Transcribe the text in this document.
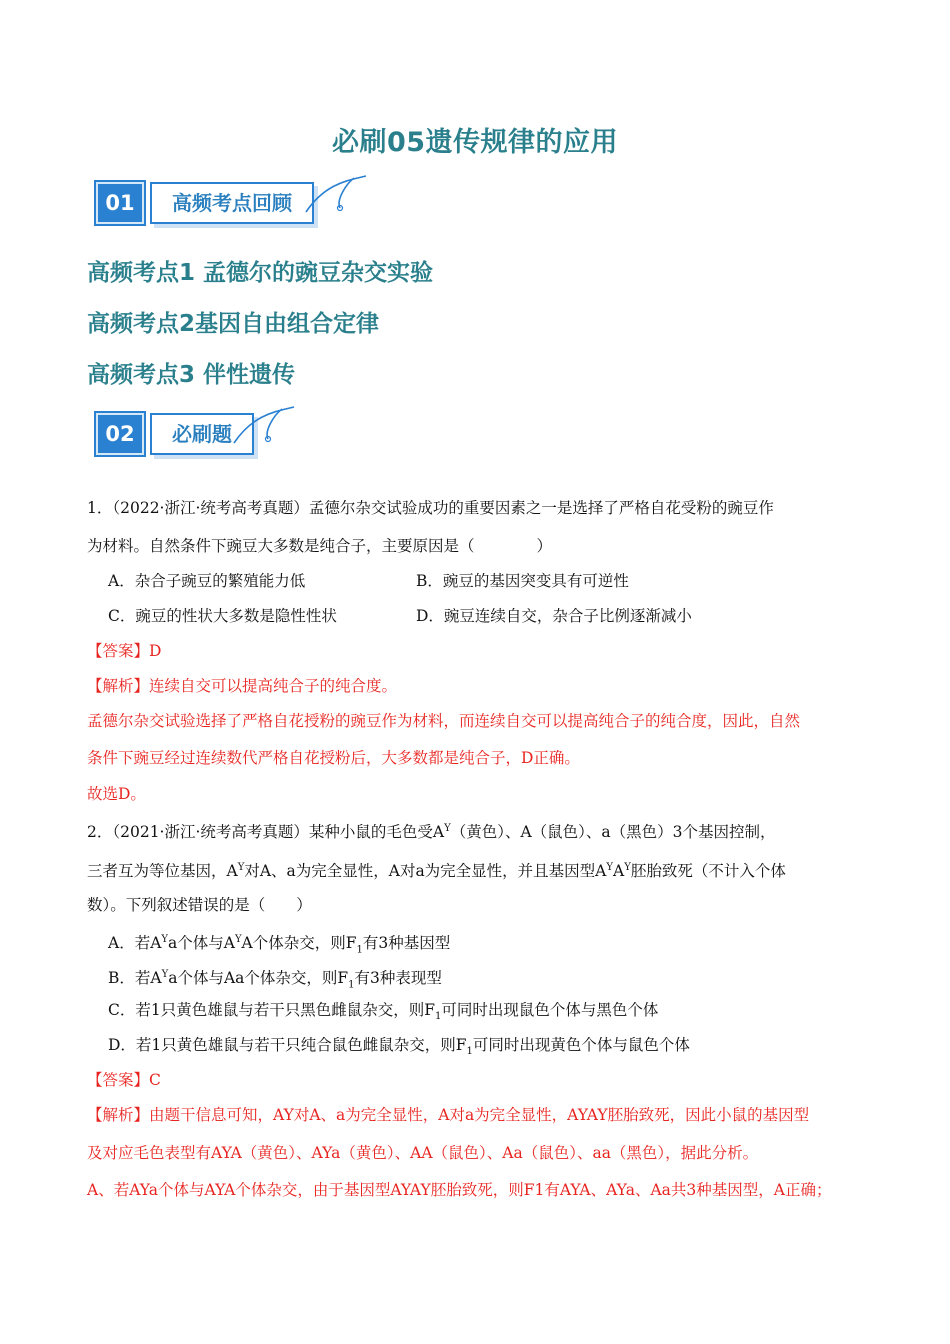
必刷05遗传规律的应用
01	高频考点回顾
高频考点1 孟德尔的豌豆杂交实验
高频考点2基因自由组合定律
高频考点3 伴性遗传
02	必刷题
1．（2022·浙江·统考高考真题）孟德尔杂交试验成功的重要因素之一是选择了严格自花受粉的豌豆作
为材料。自然条件下豌豆大多数是纯合子，主要原因是（　　　　）
A．杂合子豌豆的繁殖能力低	B．豌豆的基因突变具有可逆性
C．豌豆的性状大多数是隐性性状	D．豌豆连续自交，杂合子比例逐渐减小
【答案】D
【解析】连续自交可以提高纯合子的纯合度。
孟德尔杂交试验选择了严格自花授粉的豌豆作为材料，而连续自交可以提高纯合子的纯合度，因此，自然
条件下豌豆经过连续数代严格自花授粉后，大多数都是纯合子，D正确。
故选D。
2．（2021·浙江·统考高考真题）某种小鼠的毛色受$A^Y$（黄色）、A（鼠色）、a（黑色）3个基因控制，
三者互为等位基因，$A^Y$对A、a为完全显性，A对a为完全显性，并且基因型$A^YA^Y$胚胎致死（不计入个体
数）。下列叙述错误的是（　　）
A．若$A^Ya$个体与$A^YA$个体杂交，则$F_1$有3种基因型
B．若$A^Ya$个体与Aa个体杂交，则$F_1$有3种表现型
C．若1只黄色雄鼠与若干只黑色雌鼠杂交，则$F_1$可同时出现鼠色个体与黑色个体
D．若1只黄色雄鼠与若干只纯合鼠色雌鼠杂交，则$F_1$可同时出现黄色个体与鼠色个体
【答案】C
【解析】由题干信息可知，AY对A、a为完全显性，A对a为完全显性，AYAY胚胎致死，因此小鼠的基因型
及对应毛色表型有AYA（黄色）、AYa（黄色）、AA（鼠色）、Aa（鼠色）、aa（黑色），据此分析。
A、若AYa个体与AYA个体杂交，由于基因型AYAY胚胎致死，则F1有AYA、AYa、Aa共3种基因型，A正确；
